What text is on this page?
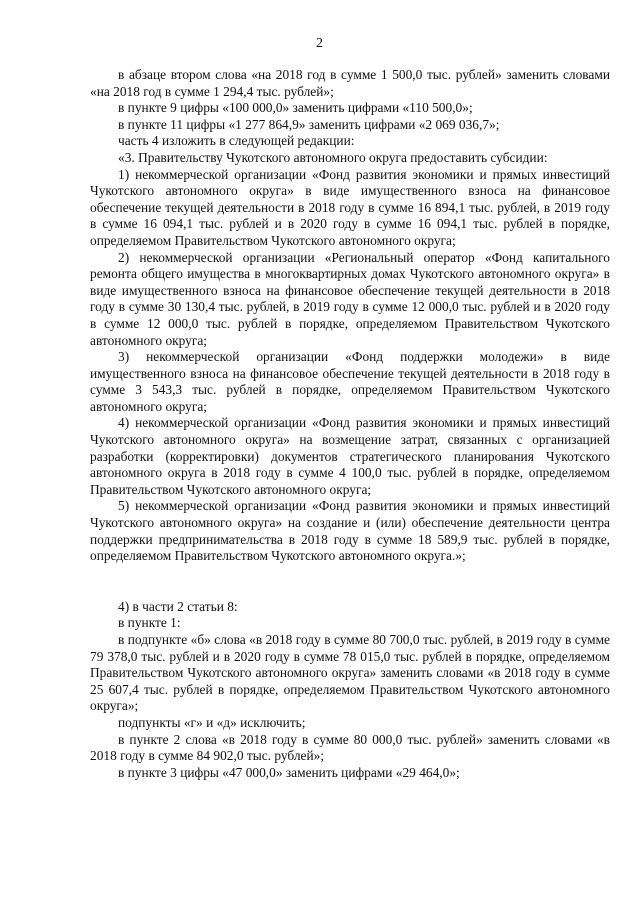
2

в абзаце втором слова «на 2018 год в сумме 1 500,0 тыс. рублей» заменить словами «на 2018 год в сумме 1 294,4 тыс. рублей»;

в пункте 9 цифры «100 000,0» заменить цифрами «110 500,0»;

в пункте 11 цифры «1 277 864,9» заменить цифрами «2 069 036,7»;

часть 4 изложить в следующей редакции:

«3. Правительству Чукотского автономного округа предоставить субсидии:

1) некоммерческой организации «Фонд развития экономики и прямых инвестиций Чукотского автономного округа» в виде имущественного взноса на финансовое обеспечение текущей деятельности в 2018 году в сумме 16 894,1 тыс. рублей, в 2019 году в сумме 16 094,1 тыс. рублей и в 2020 году в сумме 16 094,1 тыс. рублей в порядке, определяемом Правительством Чукотского автономного округа;

2) некоммерческой организации «Региональный оператор «Фонд капитального ремонта общего имущества в многоквартирных домах Чукотского автономного округа» в виде имущественного взноса на финансовое обеспечение текущей деятельности в 2018 году в сумме 30 130,4 тыс. рублей, в 2019 году в сумме 12 000,0 тыс. рублей и в 2020 году в сумме 12 000,0 тыс. рублей в порядке, определяемом Правительством Чукотского автономного округа;

3) некоммерческой организации «Фонд поддержки молодежи» в виде имущественного взноса на финансовое обеспечение текущей деятельности в 2018 году в сумме 3 543,3 тыс. рублей в порядке, определяемом Правительством Чукотского автономного округа;

4) некоммерческой организации «Фонд развития экономики и прямых инвестиций Чукотского автономного округа» на возмещение затрат, связанных с организацией разработки (корректировки) документов стратегического планирования Чукотского автономного округа в 2018 году в сумме 4 100,0 тыс. рублей в порядке, определяемом Правительством Чукотского автономного округа;

5) некоммерческой организации «Фонд развития экономики и прямых инвестиций Чукотского автономного округа» на создание и (или) обеспечение деятельности центра поддержки предпринимательства в 2018 году в сумме 18 589,9 тыс. рублей в порядке, определяемом Правительством Чукотского автономного округа.»;

4) в части 2 статьи 8:

в пункте 1:

в подпункте «б» слова «в 2018 году в сумме 80 700,0 тыс. рублей, в 2019 году в сумме 79 378,0 тыс. рублей и в 2020 году в сумме 78 015,0 тыс. рублей в порядке, определяемом Правительством Чукотского автономного округа» заменить словами «в 2018 году в сумме 25 607,4 тыс. рублей в порядке, определяемом Правительством Чукотского автономного округа»;

подпункты «г» и «д» исключить;

в пункте 2 слова «в 2018 году в сумме 80 000,0 тыс. рублей» заменить словами «в 2018 году в сумме 84 902,0 тыс. рублей»;

в пункте 3 цифры «47 000,0» заменить цифрами «29 464,0»;
